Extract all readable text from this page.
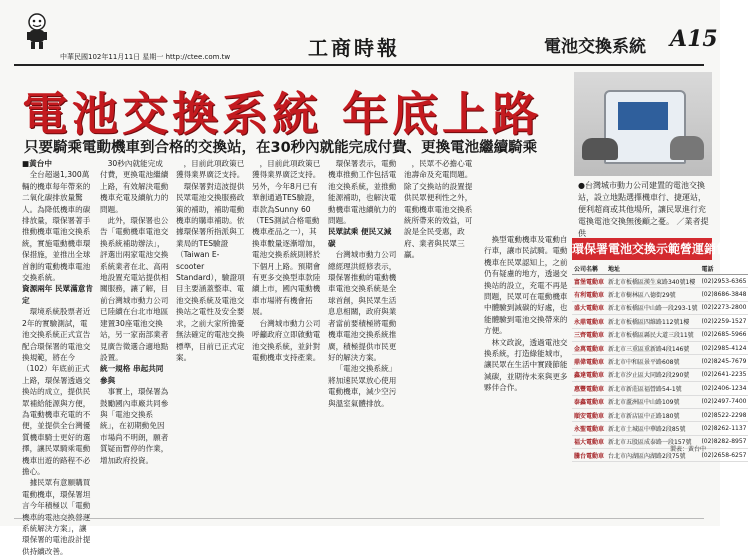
中華民國102年11月11日 星期一 http://ctee.com.tw	工商時報	電池交換系統 A15
電池交換系統 年底上路
只要騎乘電動機車到合格的交換站，在30秒內就能完成付費、更換電池繼續騎乘
●台灣城市動力公司建置的電池交換站，設立地點選擇機車行、捷運站，便利超商或其他場所，讓民眾進行充電換電池交換無後顧之憂。 ／業者提供

■黃台中

全台超過1,300萬輛的機車每年帶來的二氧化碳排放量驚人。為降低機車的碳排放量，環保署著手推動機車電池交換系統，實施電動機車環保措施，並推出全球首創的電動機車電池交換系統。

資源兩年 民眾滿意肯定

環境系統股票者近2年的實驗測試，電池交換系統正式宣告配合環保署的電池交換規範，將在今（102）年底前正式上路，環保署透過交換站的成立，提供民眾補給能源與方便，為電動機車充電的不便，並提供全台灣優質機車騎士更好的選擇，讓民眾騎乘電動機車出遊的路程不必擔心。

據民眾有意願購買電動機車，環保署坦言今年積極以「電動 系統解決方案」，讓環保署的電池設計提供持續改善。

30秒內就能完成付費，更換電池繼續上路，有效解決電動機車充電及續航力的問題。

此外，環保署也公告「電動機車電池交換系統補助辦法」，評選出兩家電池交換系統業者在北、高兩地設置充電站提供相關服務，讓了解，目前台灣城市動力公司已陸續在台北市地區建置30座電池交換站，另一家南部業者見廣告徵選合適地點設置。

統一規格 串起共同參與

事實上，環保署為鼓勵國內車廠共同參與「電池交換系統」，在初期動免因市場尚不明朗，願者質疑而暫停的作業，增加政府投資。

，目前此項政策已獲得業界廣泛支持。

環保署對這波提供民眾電池交換服務政策的補助，補助電動機車的購車補助。依據環保署所指派與工業局的TES驗證（Taiwan E-scooter Standard），驗證項目主要涵蓋整車、電池交換系統及電池交換站之電性及安全要求，之前大家所擔憂無法確定的電池交換標準，目前已正式定案。

，目前此項政策已獲得業界廣泛支持。另外，今年8月已有華創通過TES驗證，車款為Sunny 60（TES測試合格電動機車產品之一），其換車數量逐漸增加，電池交換系統則將於下個月上路。預期會有更多交換型車款陸續上市，國內電動機車市場將有機會拓展。

台灣城市動力公司呼籲政府立即啟動電池交換系統，並針對電動機車支持產業。

環保署表示，電動機車推動工作包括電池交換系統，並推動能源補助，也解決電動機車電池續航力的問題。

民眾試乘 便民又減碳

台灣城市動力公司總經理洪經修表示，環保署推動的電動機車電池交換系統是全球首創，與民眾生活息息相關，政府與業者當前要積極將電動機車電池交換系統推廣，積極提供市民更好的解決方案。

「電池交換系統」將加速民眾放心使用電動機車，減少空污與溫室氣體排放。

，民眾不必擔心電池壽命及充電問題。除了交換站的設置提供民眾便利性之外，電動機車電池交換系統所帶來的效益，可說是全民受惠，政府、業者與民眾三贏。

換型電動機車及電動自行車，讓市民試騎。電動機車在民眾認知上，之前仍有疑慮的地方，透過交換站的設立，充電不再是問題，民眾可在電動機車中體驗到減碳的好處，也能體驗到電池交換帶來的方便。

林文政說，透過電池交換系統，打造綠能城市，讓民眾在生活中實踐節能減碳，並期待未來與更多夥伴合作。

環保署電池交換示範營運銷售點
公司名稱	地址	電話
富堡電動車	新北市板橋區漢生東路340號1樓	(02)2953-6365
有利電動車	新北市樹林區八德街29號	(02)8686-3848
盛大電動車	新北市板橋區中山路一段293-1號	(02)2273-2800
永鼎電動車	新北市板橋區四維路112號1樓	(02)2259-1527
三齊電動車	新北市板橋區縣民大道三段11號	(02)2685-5966
金萬電動車	新北市三重區重新路4段146號	(02)2985-4124
鼎偉電動車	新北市中和區景平路608號	(02)8245-7679
鑫達電動車	新北市汐止區大同路2段290號	(02)2641-2235
惠豐電動車	新北市新莊區福營路54-1號	(02)2406-1234
泰鑫電動車	新北市蘆洲區中山路109號	(02)2497-7400
順安電動車	新北市新店區中正路180號	(02)8522-2298
永聖電動車	新北市土城區中華路2段85號	(02)8262-1137
福大電動車	新北市五股區成泰路一段157號	(02)8282-8957
騰台電動車	台北市內湖區內湖路2段75號	(02)2658-6257
製表：黃台中
